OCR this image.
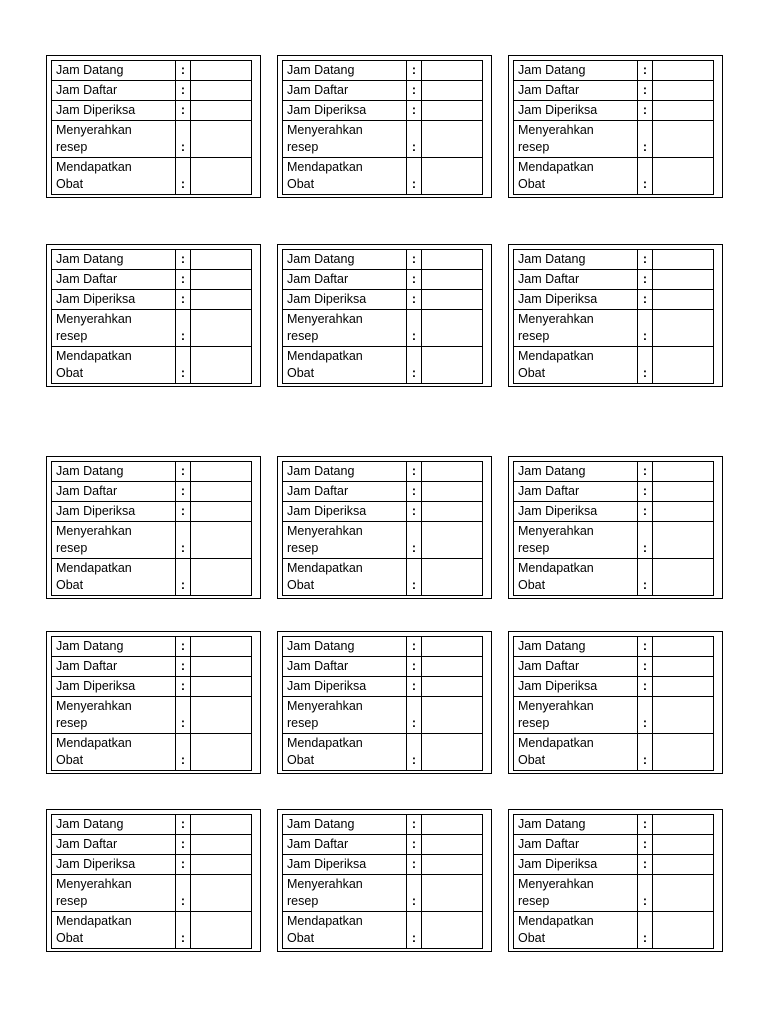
Jam Datang	:	

Jam Daftar	:	

Jam Diperiksa	:	

Menyerahkan
resep	:	

Mendapatkan
Obat	:	
Jam Datang	:	

Jam Daftar	:	

Jam Diperiksa	:	

Menyerahkan
resep	:	

Mendapatkan
Obat	:	
Jam Datang	:	

Jam Daftar	:	

Jam Diperiksa	:	

Menyerahkan
resep	:	

Mendapatkan
Obat	:	
Jam Datang	:	

Jam Daftar	:	

Jam Diperiksa	:	

Menyerahkan
resep	:	

Mendapatkan
Obat	:	
Jam Datang	:	

Jam Daftar	:	

Jam Diperiksa	:	

Menyerahkan
resep	:	

Mendapatkan
Obat	:	
Jam Datang	:	

Jam Daftar	:	

Jam Diperiksa	:	

Menyerahkan
resep	:	

Mendapatkan
Obat	:	
Jam Datang	:	

Jam Daftar	:	

Jam Diperiksa	:	

Menyerahkan
resep	:	

Mendapatkan
Obat	:	
Jam Datang	:	

Jam Daftar	:	

Jam Diperiksa	:	

Menyerahkan
resep	:	

Mendapatkan
Obat	:	
Jam Datang	:	

Jam Daftar	:	

Jam Diperiksa	:	

Menyerahkan
resep	:	

Mendapatkan
Obat	:	
Jam Datang	:	

Jam Daftar	:	

Jam Diperiksa	:	

Menyerahkan
resep	:	

Mendapatkan
Obat	:	
Jam Datang	:	

Jam Daftar	:	

Jam Diperiksa	:	

Menyerahkan
resep	:	

Mendapatkan
Obat	:	
Jam Datang	:	

Jam Daftar	:	

Jam Diperiksa	:	

Menyerahkan
resep	:	

Mendapatkan
Obat	:	
Jam Datang	:	

Jam Daftar	:	

Jam Diperiksa	:	

Menyerahkan
resep	:	

Mendapatkan
Obat	:	
Jam Datang	:	

Jam Daftar	:	

Jam Diperiksa	:	

Menyerahkan
resep	:	

Mendapatkan
Obat	:	
Jam Datang	:	

Jam Daftar	:	

Jam Diperiksa	:	

Menyerahkan
resep	:	

Mendapatkan
Obat	:	
